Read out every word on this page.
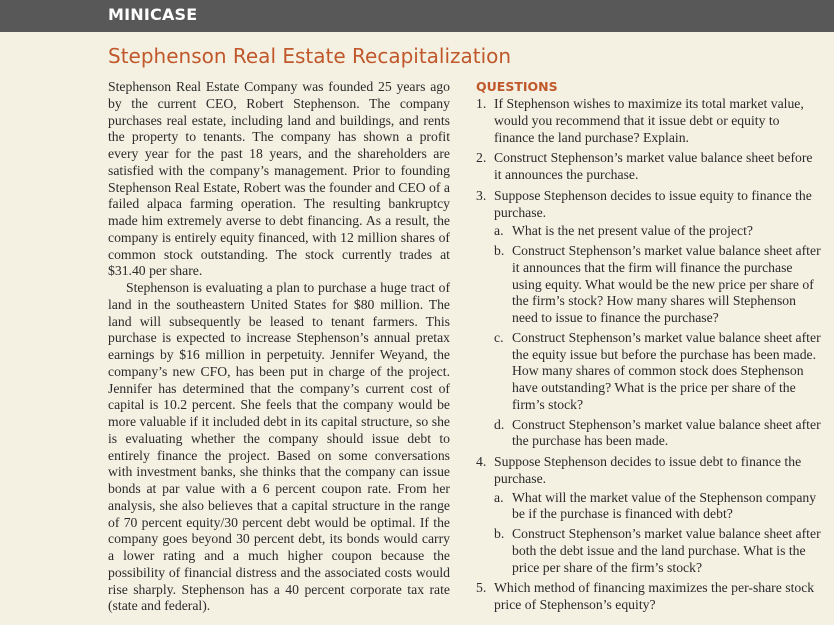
MINICASE
Stephenson Real Estate Recapitalization

Stephenson Real Estate Company was founded 25 years ago by the current CEO, Robert Stephenson. The company purchases real estate, including land and buildings, and rents the property to tenants. The company has shown a profit every year for the past 18 years, and the shareholders are satisfied with the company’s management. Prior to founding Stephenson Real Estate, Robert was the founder and CEO of a failed alpaca farming operation. The resulting bankruptcy made him extremely averse to debt financing. As a result, the company is entirely equity financed, with 12 million shares of common stock outstanding. The stock currently trades at $31.40 per share.

Stephenson is evaluating a plan to purchase a huge tract of land in the southeastern United States for $80 million. The land will subsequently be leased to tenant farmers. This purchase is expected to increase Stephenson’s annual pretax earnings by $16 million in perpetuity. Jennifer Weyand, the company’s new CFO, has been put in charge of the project. Jennifer has determined that the company’s current cost of capital is 10.2 percent. She feels that the company would be more valuable if it included debt in its capital structure, so she is evaluating whether the company should issue debt to entirely finance the project. Based on some conversations with investment banks, she thinks that the company can issue bonds at par value with a 6 percent coupon rate. From her analysis, she also believes that a capital structure in the range of 70 percent equity/30 percent debt would be optimal. If the company goes beyond 30 percent debt, its bonds would carry a lower rating and a much higher coupon because the possibility of financial distress and the associated costs would rise sharply. Stephenson has a 40 percent corporate tax rate (state and federal).

QUESTIONS
1. If Stephenson wishes to maximize its total market value, would you recommend that it issue debt or equity to finance the land purchase? Explain.
2. Construct Stephenson’s market value balance sheet before it announces the purchase.
3. Suppose Stephenson decides to issue equity to finance the purchase.
a. What is the net present value of the project?
b. Construct Stephenson’s market value balance sheet after it announces that the firm will finance the purchase using equity. What would be the new price per share of the firm’s stock? How many shares will Stephenson need to issue to finance the purchase?
c. Construct Stephenson’s market value balance sheet after the equity issue but before the purchase has been made. How many shares of common stock does Stephenson have outstanding? What is the price per share of the firm’s stock?
d. Construct Stephenson’s market value balance sheet after the purchase has been made.
4. Suppose Stephenson decides to issue debt to finance the purchase.
a. What will the market value of the Stephenson company be if the purchase is financed with debt?
b. Construct Stephenson’s market value balance sheet after both the debt issue and the land purchase. What is the price per share of the firm’s stock?
5. Which method of financing maximizes the per-share stock price of Stephenson’s equity?
